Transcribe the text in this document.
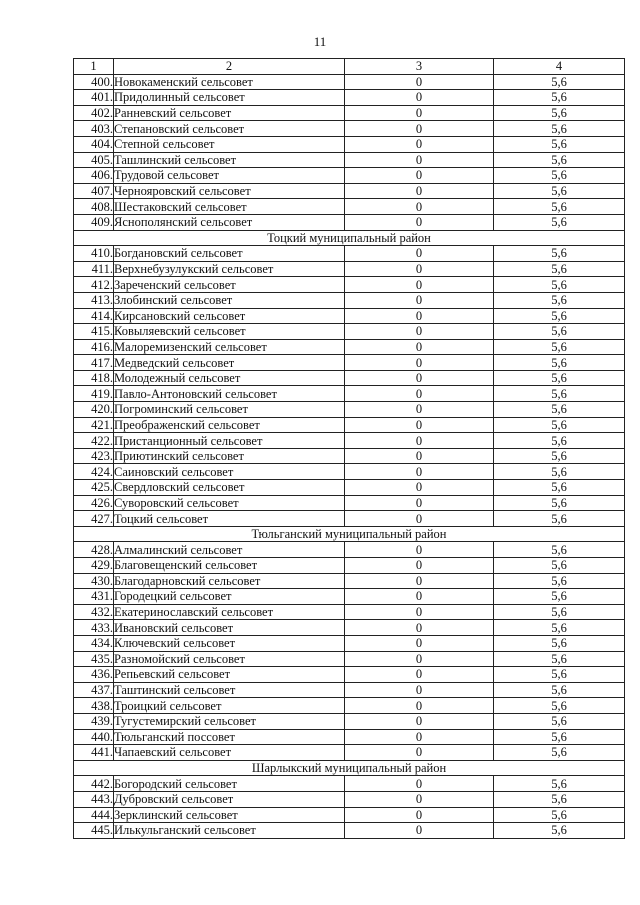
11
1	2	3	4
400.	Новокаменский сельсовет	0	5,6
401.	Придолинный сельсовет	0	5,6
402.	Ранневский сельсовет	0	5,6
403.	Степановский сельсовет	0	5,6
404.	Степной сельсовет	0	5,6
405.	Ташлинский сельсовет	0	5,6
406.	Трудовой сельсовет	0	5,6
407.	Чернояровский сельсовет	0	5,6
408.	Шестаковский сельсовет	0	5,6
409.	Яснополянский сельсовет	0	5,6
Тоцкий муниципальный район			
410.	Богдановский сельсовет	0	5,6
411.	Верхнебузулукский сельсовет	0	5,6
412.	Зареченский сельсовет	0	5,6
413.	Злобинский сельсовет	0	5,6
414.	Кирсановский сельсовет	0	5,6
415.	Ковыляевский сельсовет	0	5,6
416.	Малоремизенский сельсовет	0	5,6
417.	Медведский сельсовет	0	5,6
418.	Молодежный сельсовет	0	5,6
419.	Павло-Антоновский сельсовет	0	5,6
420.	Погроминский сельсовет	0	5,6
421.	Преображенский сельсовет	0	5,6
422.	Пристанционный сельсовет	0	5,6
423.	Приютинский сельсовет	0	5,6
424.	Саиновский сельсовет	0	5,6
425.	Свердловский сельсовет	0	5,6
426.	Суворовский сельсовет	0	5,6
427.	Тоцкий сельсовет	0	5,6
Тюльганский муниципальный район			
428.	Алмалинский сельсовет	0	5,6
429.	Благовещенский сельсовет	0	5,6
430.	Благодарновский сельсовет	0	5,6
431.	Городецкий сельсовет	0	5,6
432.	Екатеринославский сельсовет	0	5,6
433.	Ивановский сельсовет	0	5,6
434.	Ключевский сельсовет	0	5,6
435.	Разномойский сельсовет	0	5,6
436.	Репьевский сельсовет	0	5,6
437.	Таштинский сельсовет	0	5,6
438.	Троицкий сельсовет	0	5,6
439.	Тугустемирский сельсовет	0	5,6
440.	Тюльганский поссовет	0	5,6
441.	Чапаевский сельсовет	0	5,6
Шарлыкский муниципальный район			
442.	Богородский сельсовет	0	5,6
443.	Дубровский сельсовет	0	5,6
444.	Зерклинский сельсовет	0	5,6
445.	Илькульганский сельсовет	0	5,6
